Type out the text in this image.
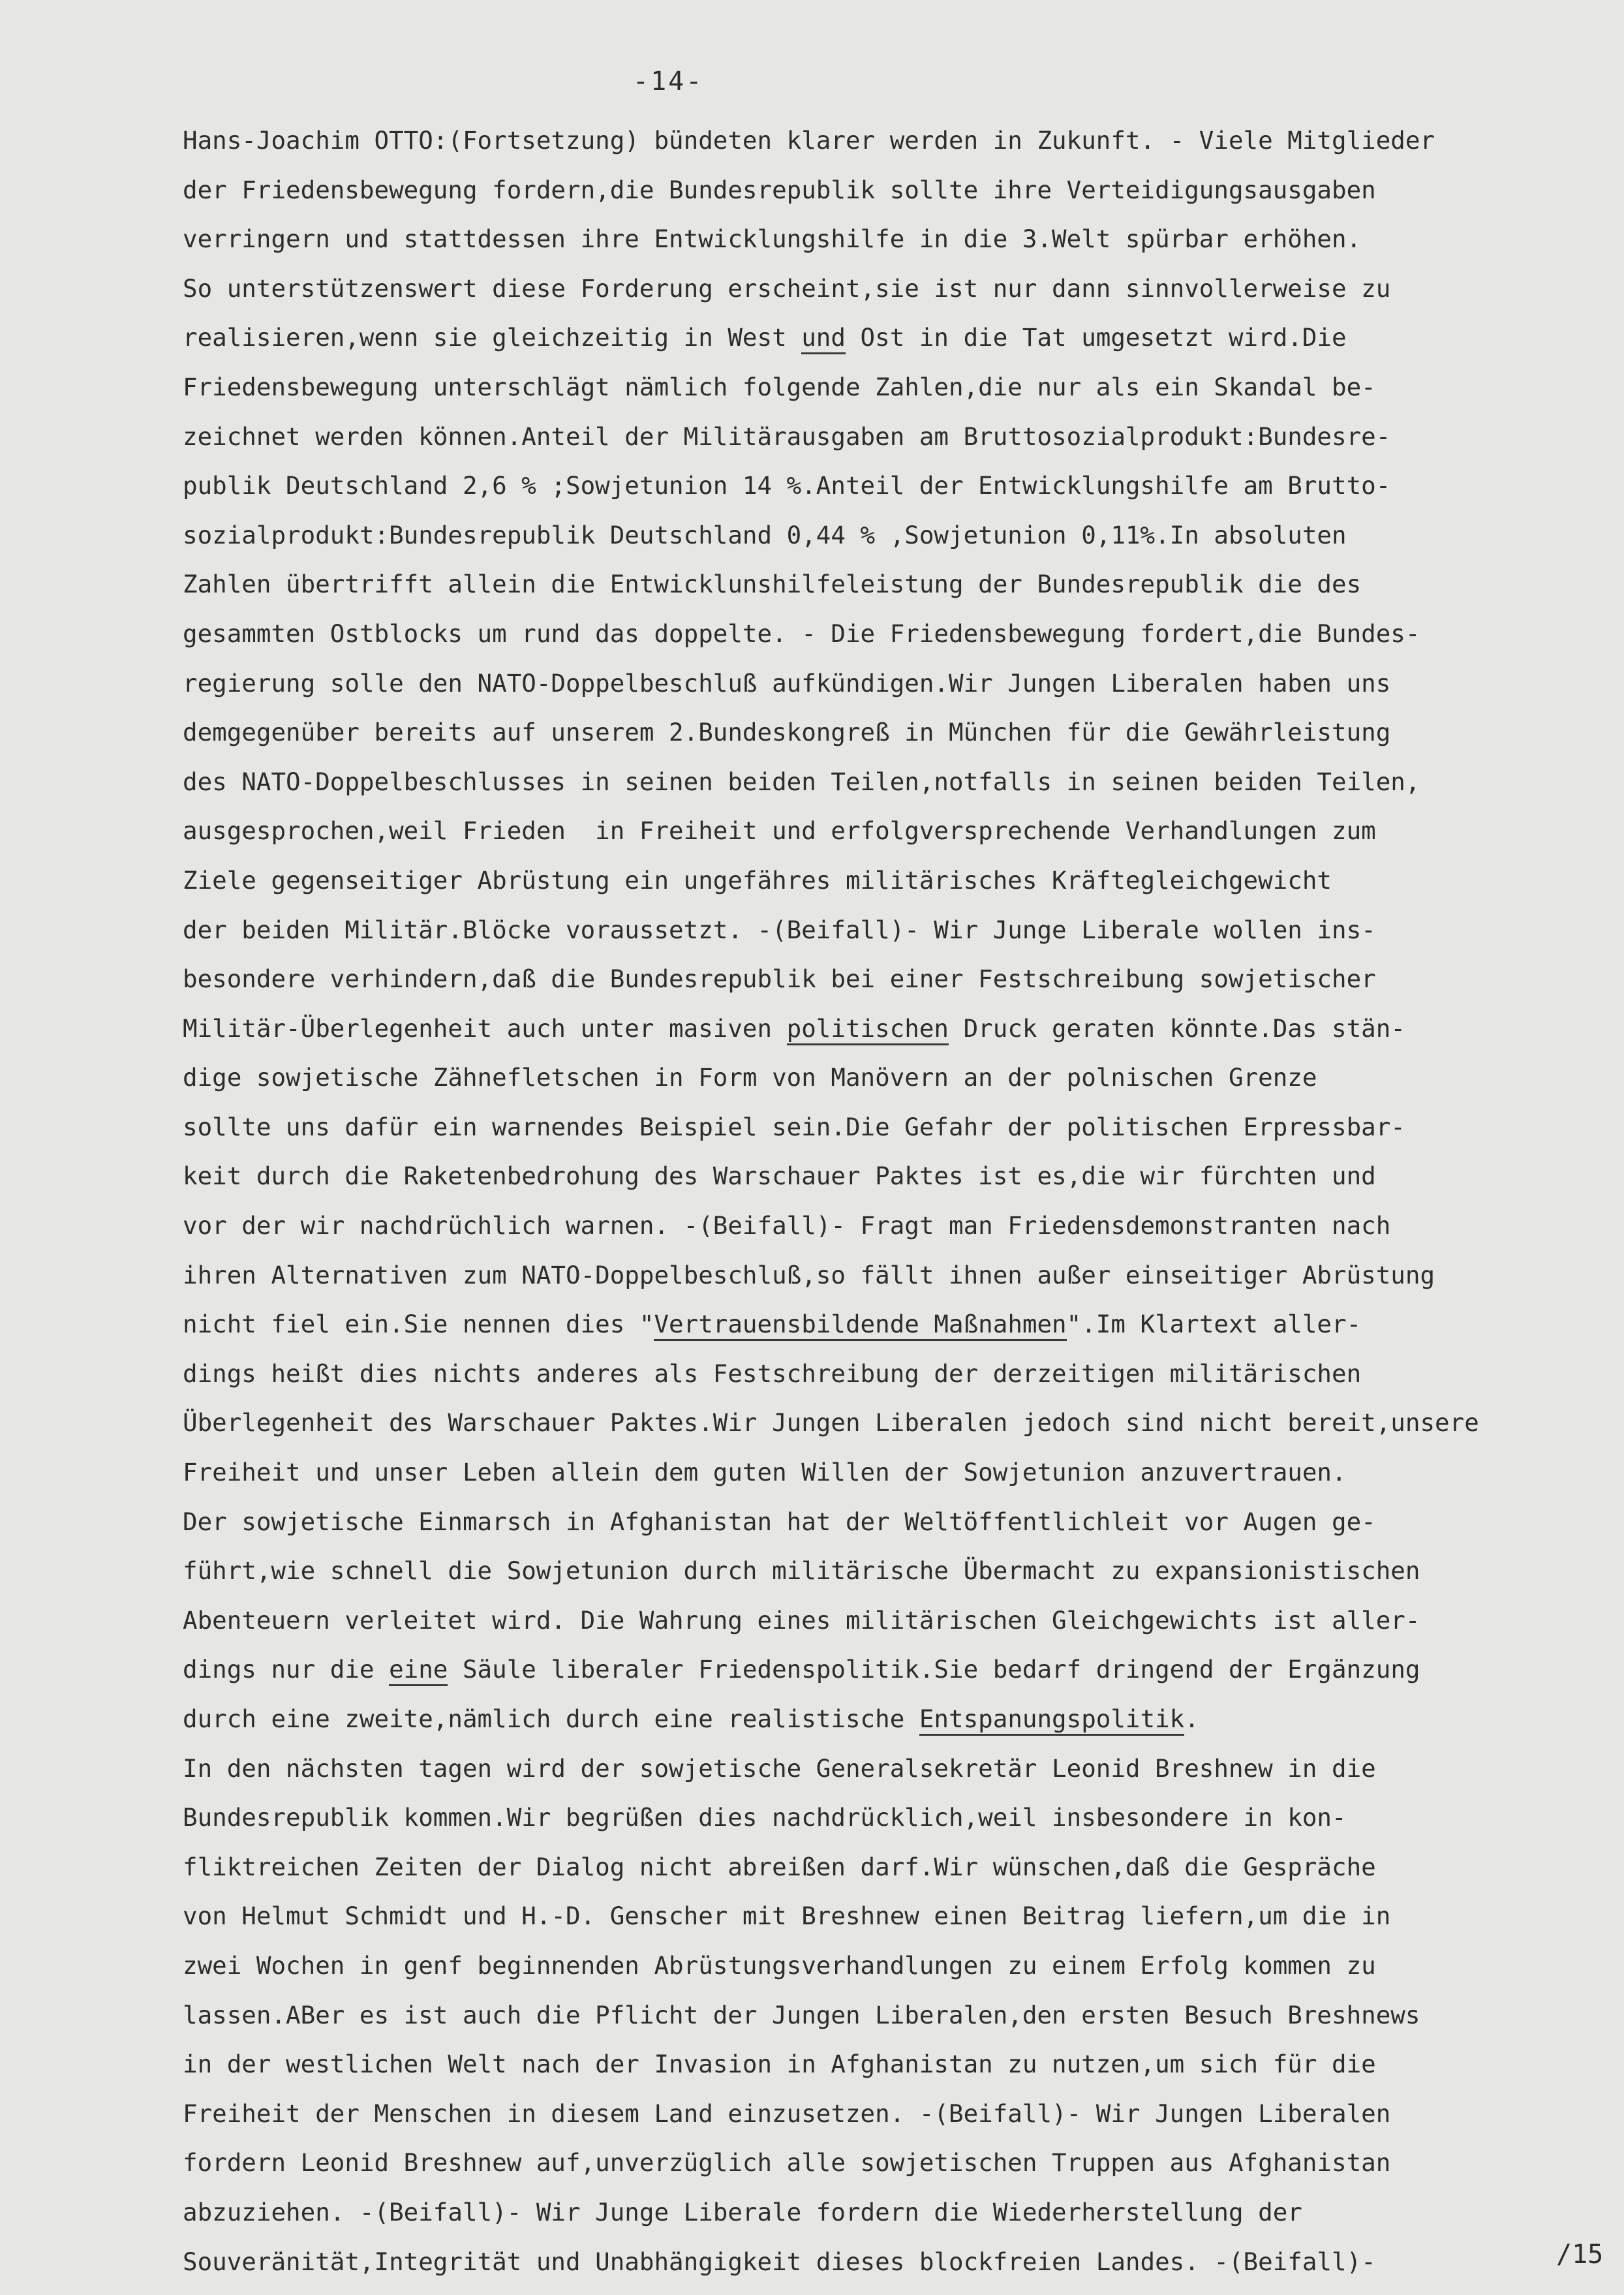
-14-
Hans-Joachim OTTO:(Fortsetzung) bündeten klarer werden in Zukunft. - Viele Mitglieder
der Friedensbewegung fordern,die Bundesrepublik sollte ihre Verteidigungsausgaben
verringern und stattdessen ihre Entwicklungshilfe in die 3.Welt spürbar erhöhen.
So unterstützenswert diese Forderung erscheint,sie ist nur dann sinnvollerweise zu
realisieren,wenn sie gleichzeitig in West und Ost in die Tat umgesetzt wird.Die
Friedensbewegung unterschlägt nämlich folgende Zahlen,die nur als ein Skandal be-
zeichnet werden können.Anteil der Militärausgaben am Bruttosozialprodukt:Bundesre-
publik Deutschland 2,6 % ;Sowjetunion 14 %.Anteil der Entwicklungshilfe am Brutto-
sozialprodukt:Bundesrepublik Deutschland 0,44 % ,Sowjetunion 0,11%.In absoluten
Zahlen übertrifft allein die Entwicklunshilfeleistung der Bundesrepublik die des
gesammten Ostblocks um rund das doppelte. - Die Friedensbewegung fordert,die Bundes-
regierung solle den NATO-Doppelbeschluß aufkündigen.Wir Jungen Liberalen haben uns
demgegenüber bereits auf unserem 2.Bundeskongreß in München für die Gewährleistung
des NATO-Doppelbeschlusses in seinen beiden Teilen,notfalls in seinen beiden Teilen,
ausgesprochen,weil Frieden  in Freiheit und erfolgversprechende Verhandlungen zum
Ziele gegenseitiger Abrüstung ein ungefähres militärisches Kräftegleichgewicht
der beiden Militär.Blöcke voraussetzt. -(Beifall)- Wir Junge Liberale wollen ins-
besondere verhindern,daß die Bundesrepublik bei einer Festschreibung sowjetischer
Militär-Überlegenheit auch unter masiven politischen Druck geraten könnte.Das stän-
dige sowjetische Zähnefletschen in Form von Manövern an der polnischen Grenze
sollte uns dafür ein warnendes Beispiel sein.Die Gefahr der politischen Erpressbar-
keit durch die Raketenbedrohung des Warschauer Paktes ist es,die wir fürchten und
vor der wir nachdrüchlich warnen. -(Beifall)- Fragt man Friedensdemonstranten nach
ihren Alternativen zum NATO-Doppelbeschluß,so fällt ihnen außer einseitiger Abrüstung
nicht fiel ein.Sie nennen dies "Vertrauensbildende Maßnahmen".Im Klartext aller-
dings heißt dies nichts anderes als Festschreibung der derzeitigen militärischen
Überlegenheit des Warschauer Paktes.Wir Jungen Liberalen jedoch sind nicht bereit,unsere
Freiheit und unser Leben allein dem guten Willen der Sowjetunion anzuvertrauen.
Der sowjetische Einmarsch in Afghanistan hat der Weltöffentlichleit vor Augen ge-
führt,wie schnell die Sowjetunion durch militärische Übermacht zu expansionistischen
Abenteuern verleitet wird. Die Wahrung eines militärischen Gleichgewichts ist aller-
dings nur die eine Säule liberaler Friedenspolitik.Sie bedarf dringend der Ergänzung
durch eine zweite,nämlich durch eine realistische Entspanungspolitik.
In den nächsten tagen wird der sowjetische Generalsekretär Leonid Breshnew in die
Bundesrepublik kommen.Wir begrüßen dies nachdrücklich,weil insbesondere in kon-
fliktreichen Zeiten der Dialog nicht abreißen darf.Wir wünschen,daß die Gespräche
von Helmut Schmidt und H.-D. Genscher mit Breshnew einen Beitrag liefern,um die in
zwei Wochen in genf beginnenden Abrüstungsverhandlungen zu einem Erfolg kommen zu
lassen.ABer es ist auch die Pflicht der Jungen Liberalen,den ersten Besuch Breshnews
in der westlichen Welt nach der Invasion in Afghanistan zu nutzen,um sich für die
Freiheit der Menschen in diesem Land einzusetzen. -(Beifall)- Wir Jungen Liberalen
fordern Leonid Breshnew auf,unverzüglich alle sowjetischen Truppen aus Afghanistan
abzuziehen. -(Beifall)- Wir Junge Liberale fordern die Wiederherstellung der
Souveränität,Integrität und Unabhängigkeit dieses blockfreien Landes. -(Beifall)-	/15
